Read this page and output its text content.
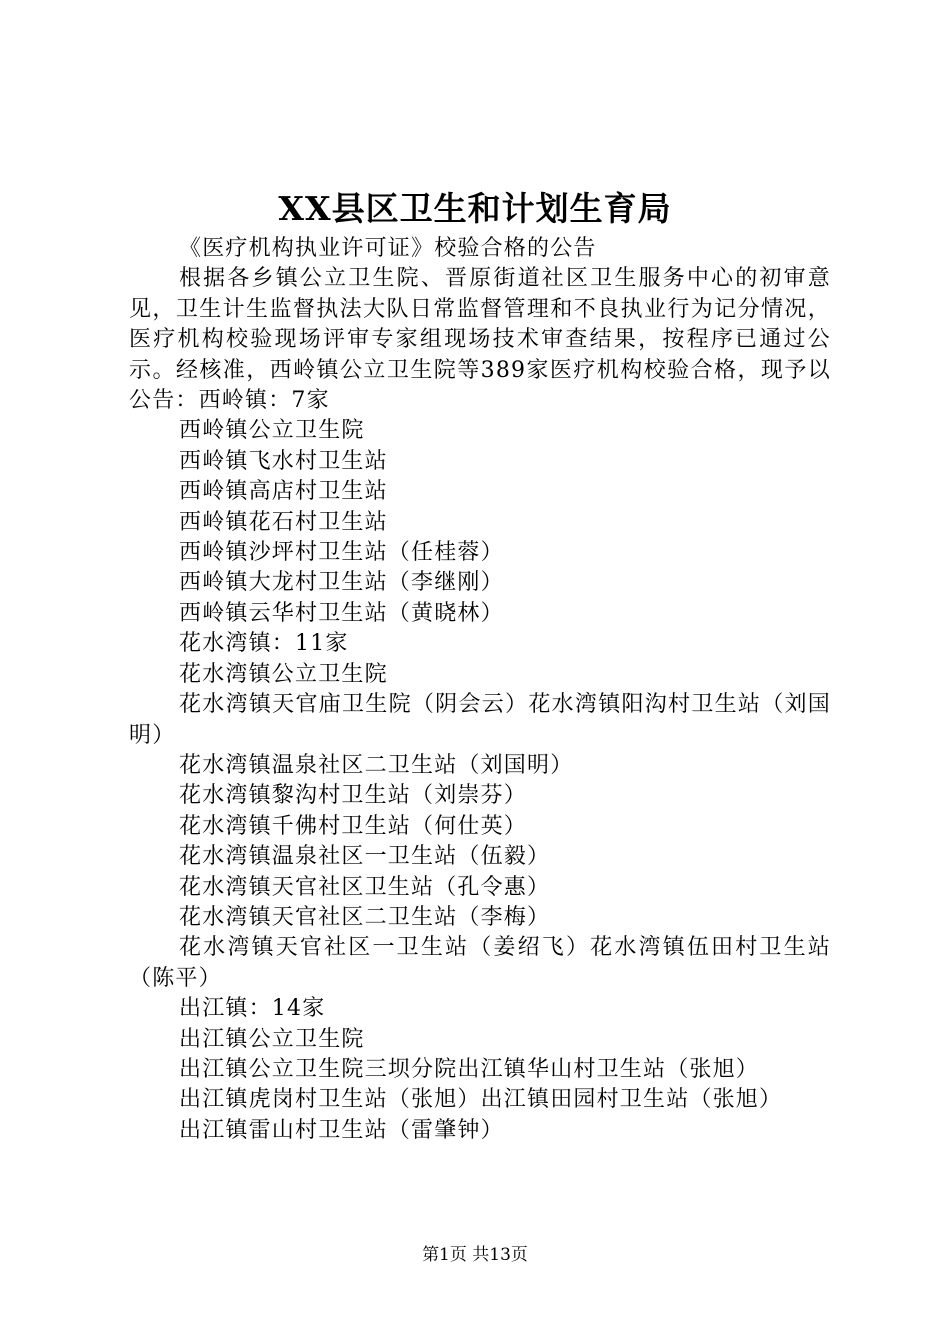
XX县区卫生和计划生育局

《医疗机构执业许可证》校验合格的公告

根据各乡镇公立卫生院、晋原街道社区卫生服务中心的初审意见，卫生计生监督执法大队日常监督管理和不良执业行为记分情况，医疗机构校验现场评审专家组现场技术审查结果，按程序已通过公示。经核准，西岭镇公立卫生院等389家医疗机构校验合格，现予以公告：西岭镇：7家

西岭镇公立卫生院

西岭镇飞水村卫生站

西岭镇高店村卫生站

西岭镇花石村卫生站

西岭镇沙坪村卫生站（任桂蓉）

西岭镇大龙村卫生站（李继刚）

西岭镇云华村卫生站（黄晓林）

花水湾镇：11家

花水湾镇公立卫生院

花水湾镇天官庙卫生院（阴会云）花水湾镇阳沟村卫生站（刘国明）

花水湾镇温泉社区二卫生站（刘国明）

花水湾镇黎沟村卫生站（刘崇芬）

花水湾镇千佛村卫生站（何仕英）

花水湾镇温泉社区一卫生站（伍毅）

花水湾镇天官社区卫生站（孔令惠）

花水湾镇天官社区二卫生站（李梅）

花水湾镇天官社区一卫生站（姜绍飞）花水湾镇伍田村卫生站（陈平）

出江镇：14家

出江镇公立卫生院

出江镇公立卫生院三坝分院出江镇华山村卫生站（张旭）

出江镇虎岗村卫生站（张旭）出江镇田园村卫生站（张旭）

出江镇雷山村卫生站（雷肇钟）

第1页 共13页
